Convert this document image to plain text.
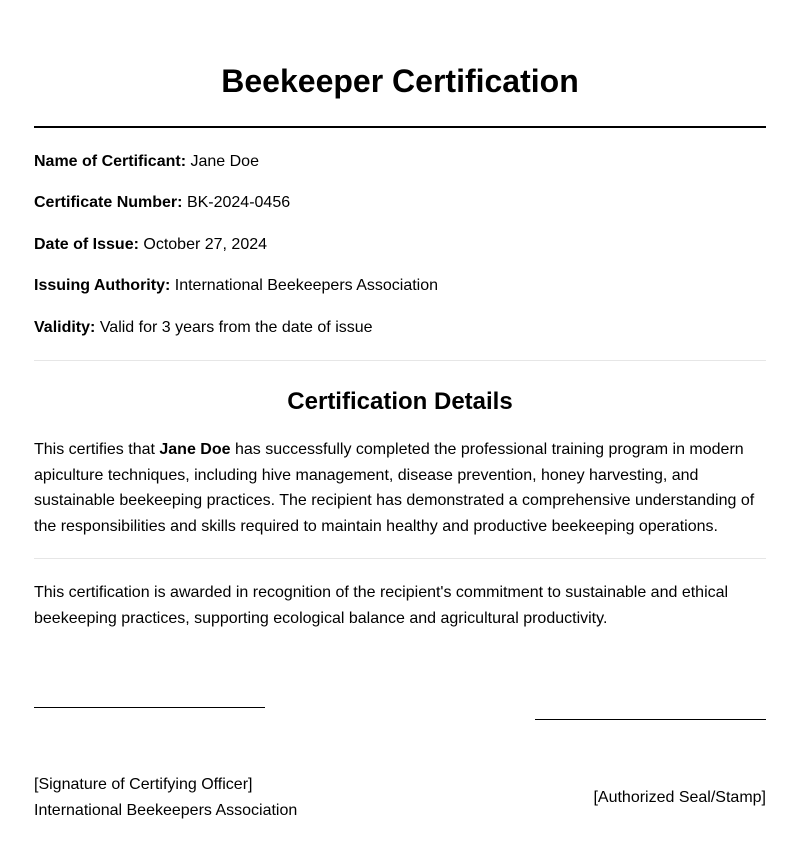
Beekeeper Certification
Name of Certificant: Jane Doe
Certificate Number: BK-2024-0456
Date of Issue: October 27, 2024
Issuing Authority: International Beekeepers Association
Validity: Valid for 3 years from the date of issue
Certification Details

This certifies that Jane Doe has successfully completed the professional training program in modern apiculture techniques, including hive management, disease prevention, honey harvesting, and sustainable beekeeping practices. The recipient has demonstrated a comprehensive understanding of the responsibilities and skills required to maintain healthy and productive beekeeping operations.

This certification is awarded in recognition of the recipient's commitment to sustainable and ethical beekeeping practices, supporting ecological balance and agricultural productivity.

[Signature of Certifying Officer]
International Beekeepers Association
[Authorized Seal/Stamp]
